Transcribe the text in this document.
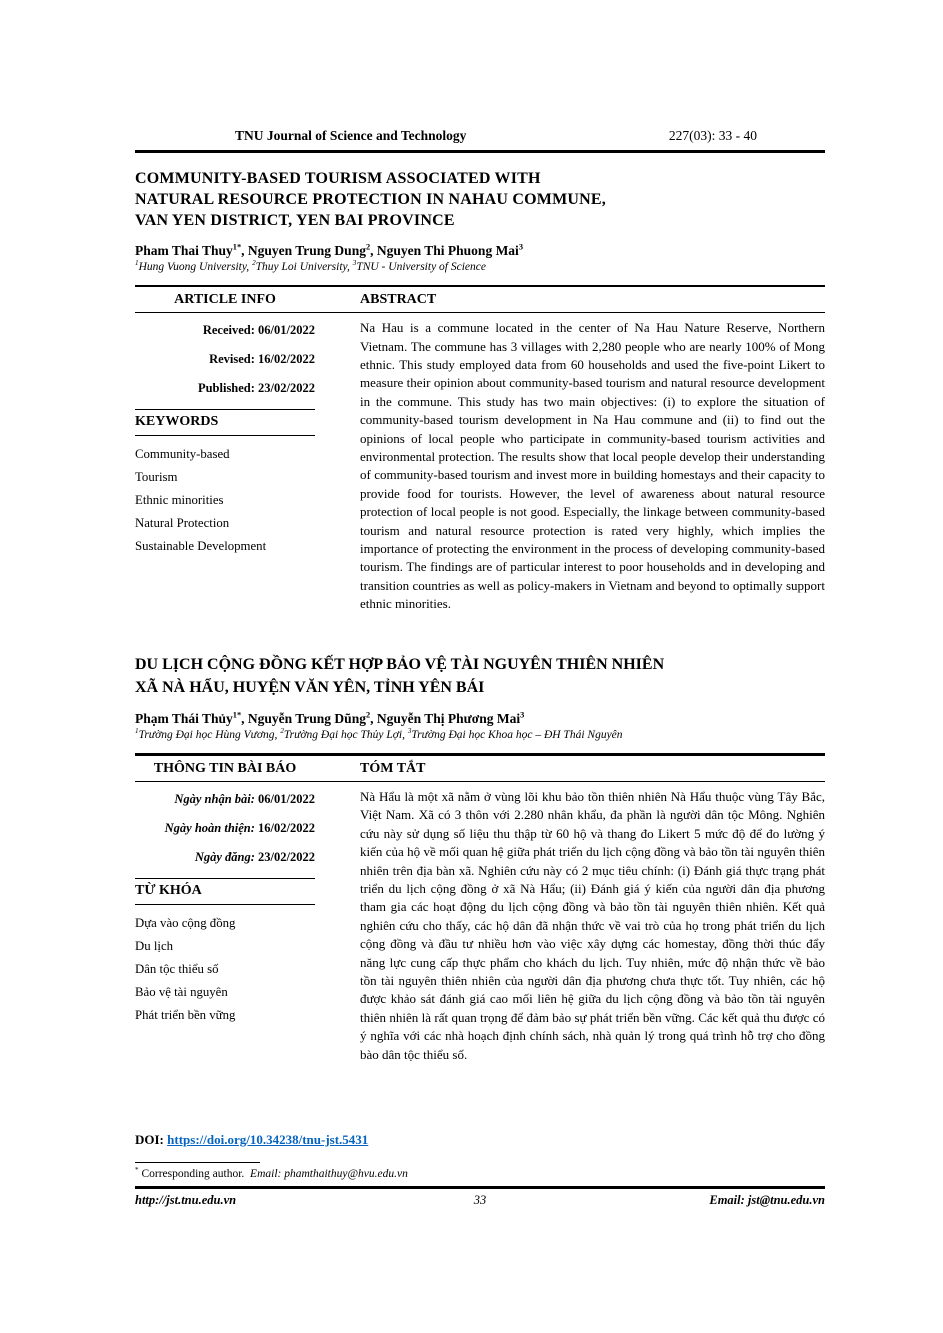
TNU Journal of Science and Technology	227(03): 33 - 40
COMMUNITY-BASED TOURISM ASSOCIATED WITH
NATURAL RESOURCE PROTECTION IN NAHAU COMMUNE,
VAN YEN DISTRICT, YEN BAI PROVINCE
Pham Thai Thuy$^{1*}$, Nguyen Trung Dung$^2$, Nguyen Thi Phuong Mai$^3$
$^1$Hung Vuong University, $^2$Thuy Loi University, $^3$TNU - University of Science
ARTICLE INFO	ABSTRACT
Received: 06/01/2022
Revised: 16/02/2022
Published: 23/02/2022
KEYWORDS
Community-based
Tourism
Ethnic minorities
Natural Protection
Sustainable Development

Na Hau is a commune located in the center of Na Hau Nature Reserve, Northern Vietnam. The commune has 3 villages with 2,280 people who are nearly 100% of Mong ethnic. This study employed data from 60 households and used the five-point Likert to measure their opinion about community-based tourism and natural resource development in the commune. This study has two main objectives: (i) to explore the situation of community-based tourism development in Na Hau commune and (ii) to find out the opinions of local people who participate in community-based tourism activities and environmental protection. The results show that local people develop their understanding of community-based tourism and invest more in building homestays and their capacity to provide food for tourists. However, the level of awareness about natural resource protection of local people is not good. Especially, the linkage between community-based tourism and natural resource protection is rated very highly, which implies the importance of protecting the environment in the process of developing community-based tourism. The findings are of particular interest to poor households and in developing and transition countries as well as policy-makers in Vietnam and beyond to optimally support ethnic minorities.

DU LỊCH CỘNG ĐỒNG KẾT HỢP BẢO VỆ TÀI NGUYÊN THIÊN NHIÊN
XÃ NÀ HẨU, HUYỆN VĂN YÊN, TỈNH YÊN BÁI
Phạm Thái Thủy$^{1*}$, Nguyễn Trung Dũng$^2$, Nguyễn Thị Phương Mai$^3$
$^1$Trường Đại học Hùng Vương, $^2$Trường Đại học Thủy Lợi, $^3$Trường Đại học Khoa học – ĐH Thái Nguyên
THÔNG TIN BÀI BÁO	TÓM TẮT
Ngày nhận bài: 06/01/2022
Ngày hoàn thiện: 16/02/2022
Ngày đăng: 23/02/2022
TỪ KHÓA
Dựa vào cộng đồng
Du lịch
Dân tộc thiểu số
Bảo vệ tài nguyên
Phát triển bền vững

Nà Hẩu là một xã nằm ở vùng lõi khu bảo tồn thiên nhiên Nà Hẩu thuộc vùng Tây Bắc, Việt Nam. Xã có 3 thôn với 2.280 nhân khẩu, đa phần là người dân tộc Mông. Nghiên cứu này sử dụng số liệu thu thập từ 60 hộ và thang đo Likert 5 mức độ để đo lường ý kiến của hộ về mối quan hệ giữa phát triển du lịch cộng đồng và bảo tồn tài nguyên thiên nhiên trên địa bàn xã. Nghiên cứu này có 2 mục tiêu chính: (i) Đánh giá thực trạng phát triển du lịch cộng đồng ở xã Nà Hẩu; (ii) Đánh giá ý kiến của người dân địa phương tham gia các hoạt động du lịch cộng đồng và bảo tồn tài nguyên thiên nhiên. Kết quả nghiên cứu cho thấy, các hộ dân đã nhận thức về vai trò của họ trong phát triển du lịch cộng đồng và đầu tư nhiều hơn vào việc xây dựng các homestay, đồng thời thúc đẩy năng lực cung cấp thực phẩm cho khách du lịch. Tuy nhiên, mức độ nhận thức về bảo tồn tài nguyên thiên nhiên của người dân địa phương chưa thực tốt. Tuy nhiên, các hộ được khảo sát đánh giá cao mối liên hệ giữa du lịch cộng đồng và bảo tồn tài nguyên thiên nhiên là rất quan trọng để đảm bảo sự phát triển bền vững. Các kết quả thu được có ý nghĩa với các nhà hoạch định chính sách, nhà quản lý trong quá trình hỗ trợ cho đồng bào dân tộc thiểu số.

DOI: https://doi.org/10.34238/tnu-jst.5431
* Corresponding author. Email: phamthaithuy@hvu.edu.vn
http://jst.tnu.edu.vn	33	Email: jst@tnu.edu.vn
